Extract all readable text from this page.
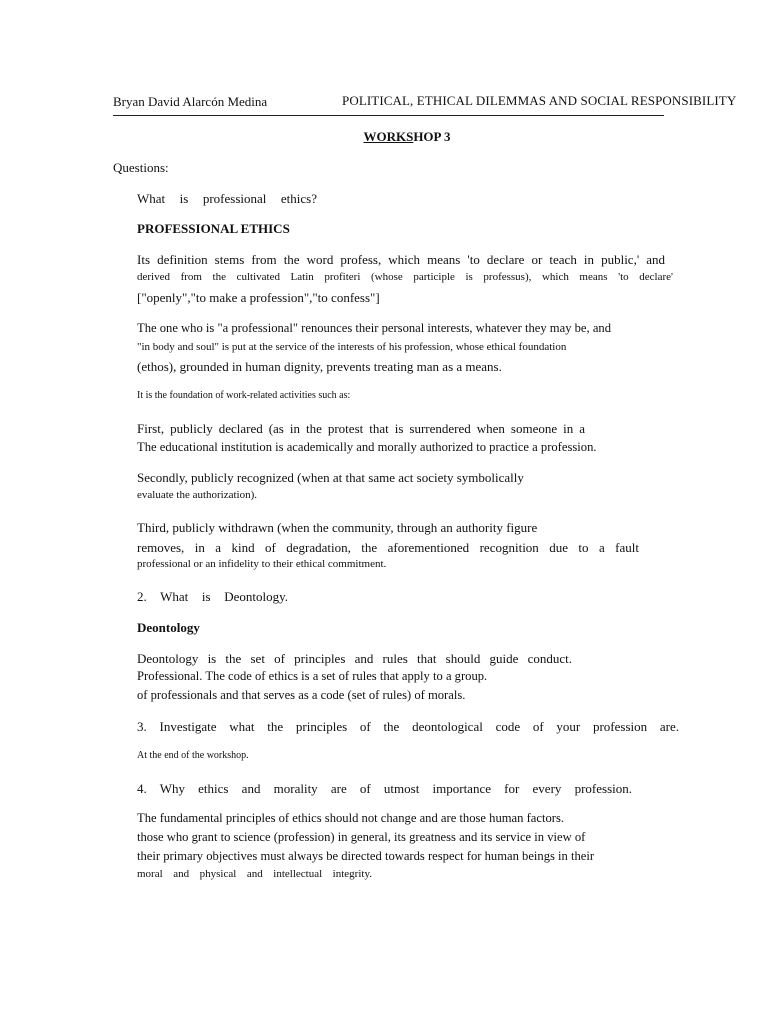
Bryan David Alarcón Medina	POLITICAL, ETHICAL DILEMMAS AND SOCIAL RESPONSIBILITY
WORKSHOP 3
Questions:
What is professional ethics?
PROFESSIONAL ETHICS
Its definition stems from the word profess, which means 'to declare or teach in public,' and
derived from the cultivated Latin profiteri (whose participle is professus), which means 'to declare'
["openly","to make a profession","to confess"]
The one who is "a professional" renounces their personal interests, whatever they may be, and
"in body and soul" is put at the service of the interests of his profession, whose ethical foundation
(ethos), grounded in human dignity, prevents treating man as a means.
It is the foundation of work-related activities such as:
First, publicly declared (as in the protest that is surrendered when someone in a
The educational institution is academically and morally authorized to practice a profession.
Secondly, publicly recognized (when at that same act society symbolically
evaluate the authorization).
Third, publicly withdrawn (when the community, through an authority figure
removes, in a kind of degradation, the aforementioned recognition due to a fault
professional or an infidelity to their ethical commitment.
2. What is Deontology.
Deontology
Deontology is the set of principles and rules that should guide conduct.
Professional. The code of ethics is a set of rules that apply to a group.
of professionals and that serves as a code (set of rules) of morals.
3. Investigate what the principles of the deontological code of your profession are.
At the end of the workshop.
4. Why ethics and morality are of utmost importance for every profession.
The fundamental principles of ethics should not change and are those human factors.
those who grant to science (profession) in general, its greatness and its service in view of
their primary objectives must always be directed towards respect for human beings in their
moral and physical and intellectual integrity.
